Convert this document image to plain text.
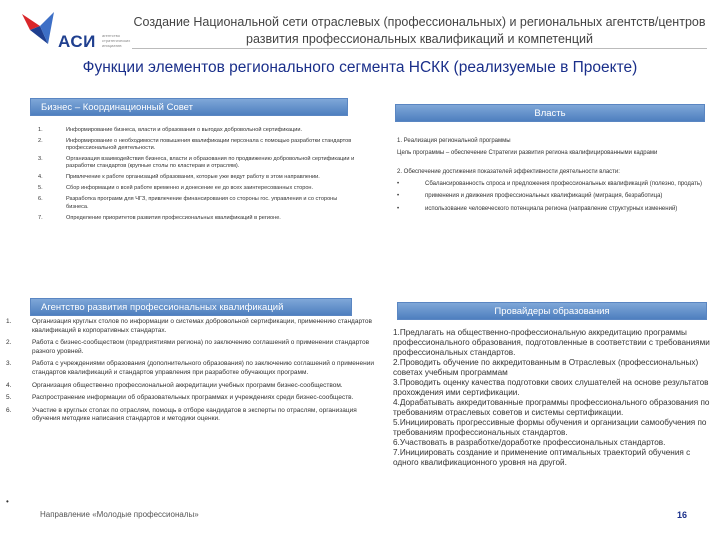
АСИ агентство стратегических инициатив
Создание Национальной сети отраслевых (профессиональных) и региональных агентств/центров развития профессиональных квалификаций и компетенций
Функции элементов регионального сегмента НСКК (реализуемые в Проекте)
Бизнес – Координационный Совет
1.	Информирование бизнеса, власти и образования о выгодах добровольной сертификации.
2.	Информирование о необходимости повышения квалификации персонала с помощью разработки стандартов профессиональной деятельности.
3.	Организация взаимодействия бизнеса, власти и образования по продвижению добровольной сертификации и разработки стандартов (крупные столы по кластерам и отраслям).
4.	Привлечение к работе организаций образования, которые уже ведут работу в этом направлении.
5.	Сбор информации о всей работе временно и донесение ее до всех заинтересованных сторон.
6.	Разработка программ для ЧГЗ, привлечение финансирования со стороны гос. управления и со стороны бизнеса.
7.	Определение приоритетов развития профессиональных квалификаций в регионе.
Власть

1. Реализация региональной программы

Цель программы – обеспечение Стратегии развития региона квалифицированными кадрами

2. Обеспечение достижения показателей эффективности деятельности власти:

•	Сбалансированность спроса и предложения профессиональных квалификаций (полезно, продать)
•	применения и движения профессиональных квалификаций (миграция, безработица)
•	использование человеческого потенциала региона (направление структурных изменений)
Агентство развития профессиональных квалификаций
1.	Организация круглых столов по информации о системах добровольной сертификации, применению стандартов квалификаций в корпоративных стандартах.
2.	Работа с бизнес-сообществом (предприятиями региона) по заключению соглашений о применении стандартов разного уровней.
3.	Работа с учреждениями образования (дополнительного образования) по заключению соглашений о применении стандартов квалификаций и стандартов управления при разработке обучающих программ.
4.	Организация общественно профессиональной аккредитации учебных программ бизнес-сообществом.
5.	Распространение информации об образовательных программах и учреждениях среди бизнес-сообществ.
6.	Участие в круглых столах по отраслям, помощь в отборе кандидатов в эксперты по отраслям, организация обучения методике написания стандартов и методики оценки.
•
Провайдеры образования
1.Предлагать на общественно-профессиональную аккредитацию программы профессионального образования, подготовленные в соответствии с требованиями профессиональных стандартов.
2.Проводить обучение по аккредитованным в Отраслевых (профессиональных) советах учебным программам
3.Проводить оценку качества подготовки своих слушателей на основе результатов прохождения ими сертификации.
4.Дорабатывать аккредитованные программы профессионального образования по требованиям отраслевых советов и системы сертификации.
5.Инициировать прогрессивные формы обучения и организации самообучения по требованиям профессиональных стандартов.
6.Участвовать в разработке/доработке профессиональных стандартов.
7.Инициировать создание и применение оптимальных траекторий обучения с одного квалификационного уровня на другой.
Направление «Молодые профессионалы»	16
